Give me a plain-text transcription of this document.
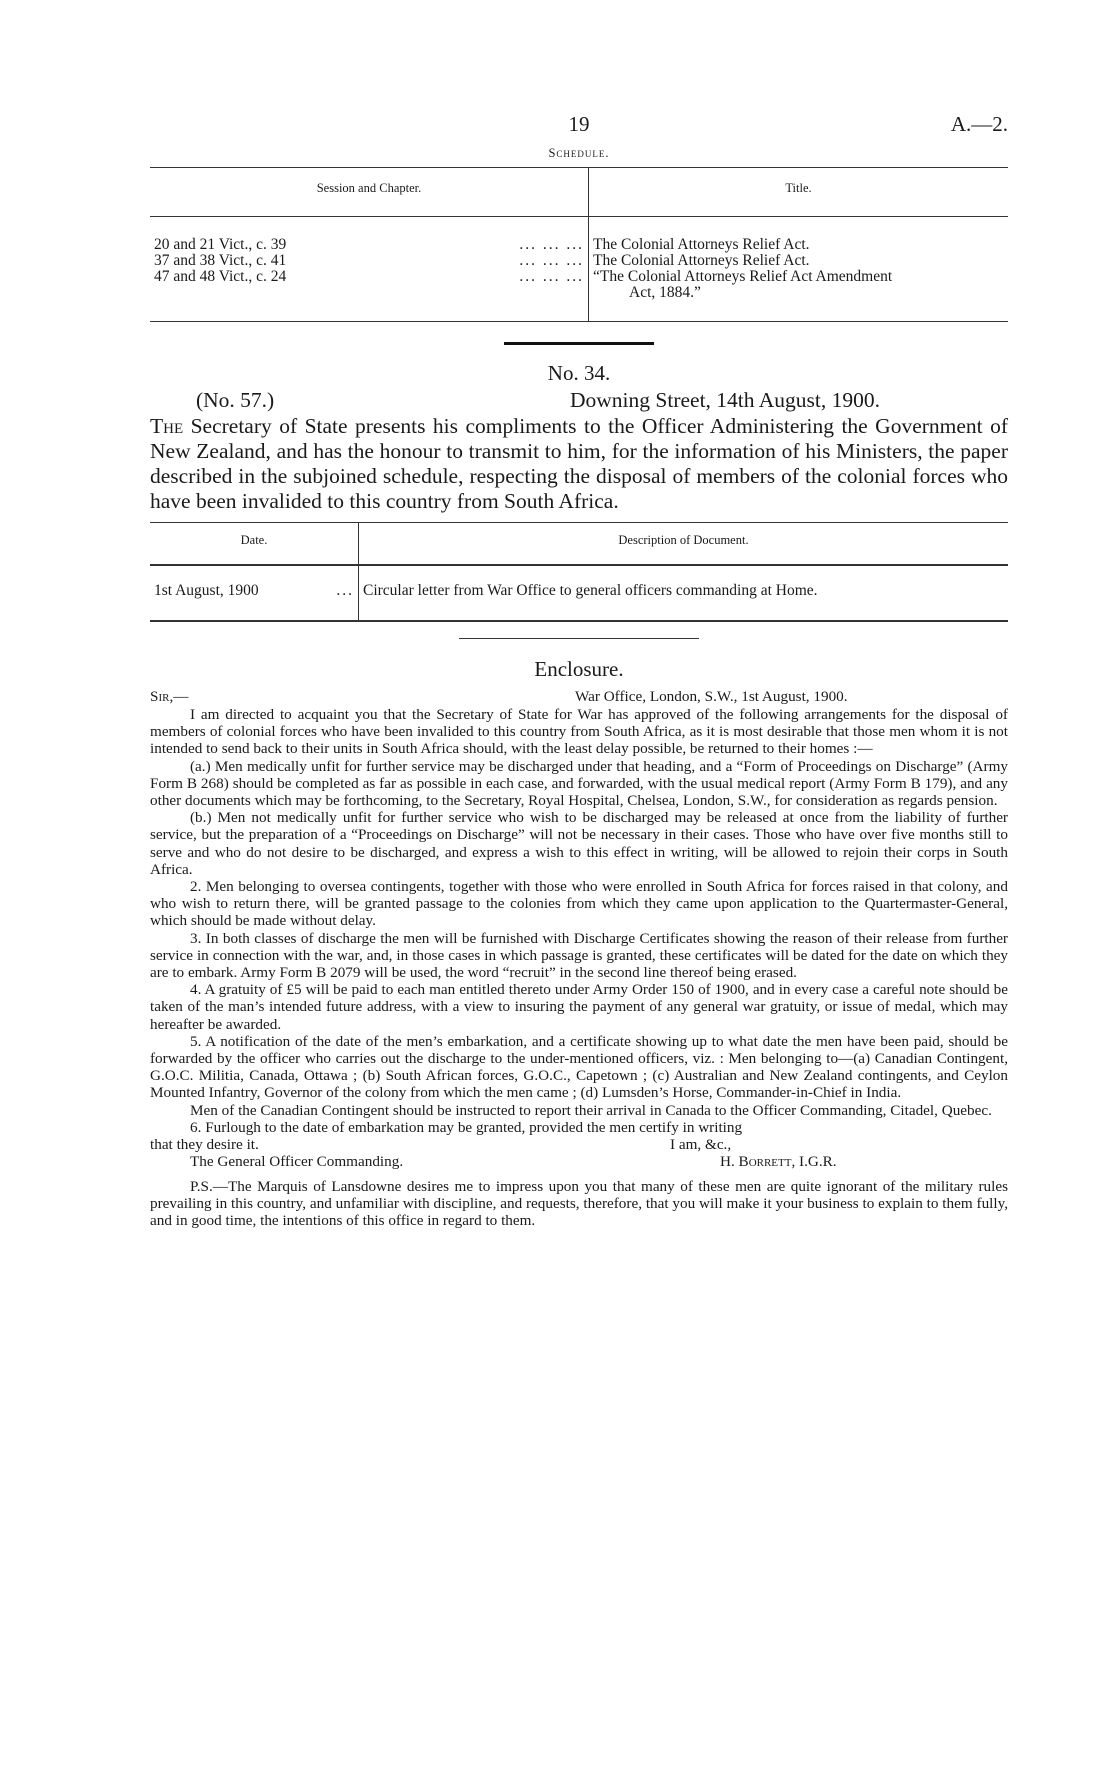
19	A.—2.
Schedule.
Session and Chapter.	Title.
20 and 21 Vict., c. 39 ... ... ...	The Colonial Attorneys Relief Act.
37 and 38 Vict., c. 41 ... ... ...	The Colonial Attorneys Relief Act.
47 and 48 Vict., c. 24 ... ... ...	“The Colonial Attorneys Relief Act Amendment
	Act, 1884.”
No. 34.
(No. 57.)	Downing Street, 14th August, 1900.
The Secretary of State presents his compliments to the Officer Administering the Government of New Zealand, and has the honour to transmit to him, for the information of his Ministers, the paper described in the subjoined schedule, respecting the disposal of members of the colonial forces who have been invalided to this country from South Africa.
Date.	Description of Document.
1st August, 1900 ...	Circular letter from War Office to general officers commanding at Home.
Enclosure.
Sir,—	War Office, London, S.W., 1st August, 1900.

I am directed to acquaint you that the Secretary of State for War has approved of the following arrangements for the disposal of members of colonial forces who have been invalided to this country from South Africa, as it is most desirable that those men whom it is not intended to send back to their units in South Africa should, with the least delay possible, be returned to their homes :—

(a.) Men medically unfit for further service may be discharged under that heading, and a “Form of Proceedings on Discharge” (Army Form B 268) should be completed as far as possible in each case, and forwarded, with the usual medical report (Army Form B 179), and any other documents which may be forthcoming, to the Secretary, Royal Hospital, Chelsea, London, S.W., for consideration as regards pension.

(b.) Men not medically unfit for further service who wish to be discharged may be released at once from the liability of further service, but the preparation of a “Proceedings on Discharge” will not be necessary in their cases. Those who have over five months still to serve and who do not desire to be discharged, and express a wish to this effect in writing, will be allowed to rejoin their corps in South Africa.

2. Men belonging to oversea contingents, together with those who were enrolled in South Africa for forces raised in that colony, and who wish to return there, will be granted passage to the colonies from which they came upon application to the Quartermaster-General, which should be made without delay.

3. In both classes of discharge the men will be furnished with Discharge Certificates showing the reason of their release from further service in connection with the war, and, in those cases in which passage is granted, these certificates will be dated for the date on which they are to embark. Army Form B 2079 will be used, the word “recruit” in the second line thereof being erased.

4. A gratuity of £5 will be paid to each man entitled thereto under Army Order 150 of 1900, and in every case a careful note should be taken of the man’s intended future address, with a view to insuring the payment of any general war gratuity, or issue of medal, which may hereafter be awarded.

5. A notification of the date of the men’s embarkation, and a certificate showing up to what date the men have been paid, should be forwarded by the officer who carries out the discharge to the under-mentioned officers, viz. : Men belonging to—(a) Canadian Contingent, G.O.C. Militia, Canada, Ottawa ; (b) South African forces, G.O.C., Capetown ; (c) Australian and New Zealand contingents, and Ceylon Mounted Infantry, Governor of the colony from which the men came ; (d) Lumsden’s Horse, Commander-in-Chief in India.

Men of the Canadian Contingent should be instructed to report their arrival in Canada to the Officer Commanding, Citadel, Quebec.

6. Furlough to the date of embarkation may be granted, provided the men certify in writing

that they desire it.	I am, &c.,
The General Officer Commanding.	H. Borrett, I.G.R.

P.S.—The Marquis of Lansdowne desires me to impress upon you that many of these men are quite ignorant of the military rules prevailing in this country, and unfamiliar with discipline, and requests, therefore, that you will make it your business to explain to them fully, and in good time, the intentions of this office in regard to them.
